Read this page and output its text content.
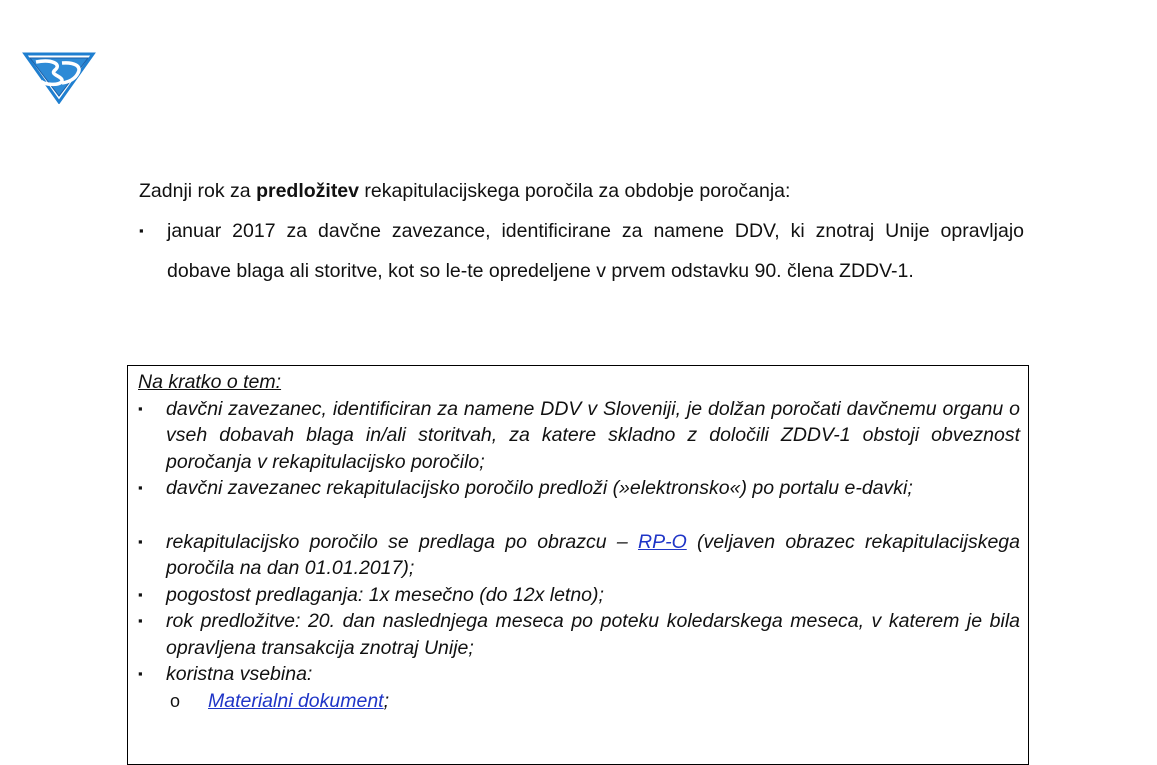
Zadnji rok za predložitev rekapitulacijskega poročila za obdobje poročanja:

▪ januar 2017 za davčne zavezance, identificirane za namene DDV, ki znotraj Unije opravljajo dobave blaga ali storitve, kot so le-te opredeljene v prvem odstavku 90. člena ZDDV-1.

Na kratko o tem:

▪ davčni zavezanec, identificiran za namene DDV v Sloveniji, je dolžan poročati davčnemu organu o vseh dobavah blaga in/ali storitvah, za katere skladno z določili ZDDV-1 obstoji obveznost poročanja v rekapitulacijsko poročilo;

▪ davčni zavezanec rekapitulacijsko poročilo predloži (»elektronsko«) po portalu e-davki;

▪ rekapitulacijsko poročilo se predlaga po obrazcu – RP-O (veljaven obrazec rekapitulacijskega poročila na dan 01.01.2017);

▪ pogostost predlaganja: 1x mesečno (do 12x letno);

▪ rok predložitve: 20. dan naslednjega meseca po poteku koledarskega meseca, v katerem je bila opravljena transakcija znotraj Unije;

▪ koristna vsebina:

o Materialni dokument;
